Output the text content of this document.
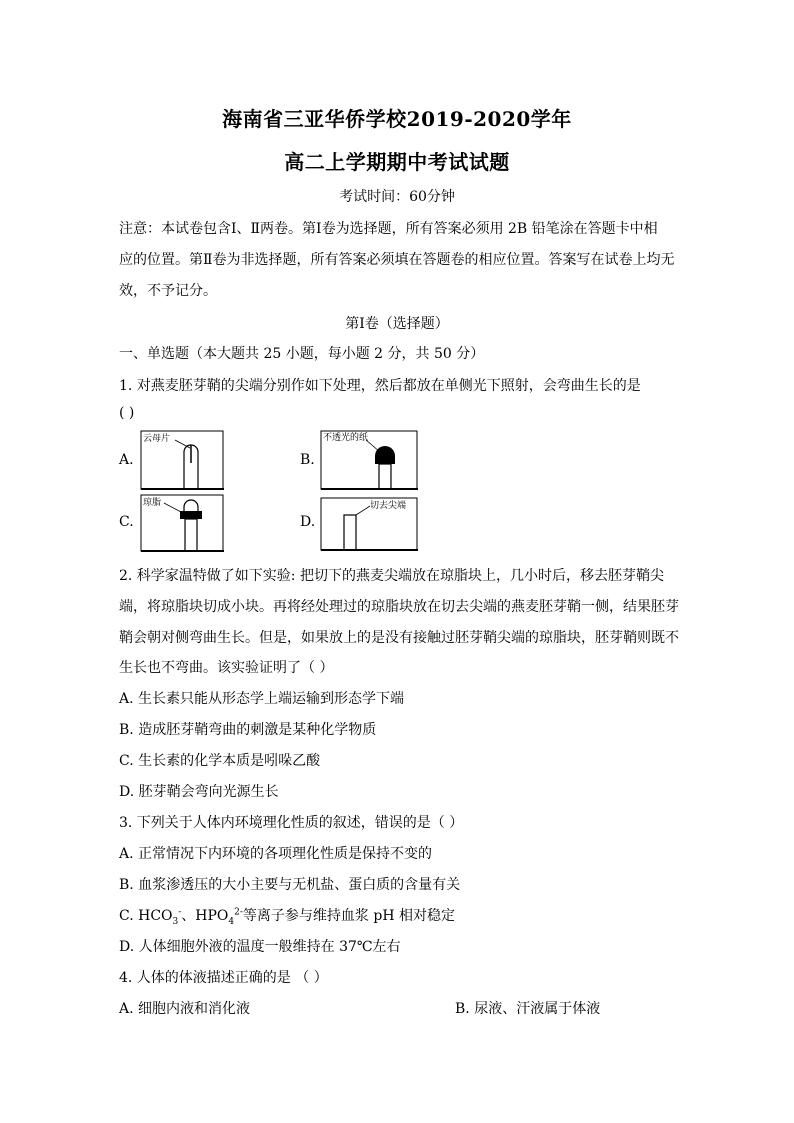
海南省三亚华侨学校2019-2020学年
高二上学期期中考试试题
考试时间：60分钟
注意：本试卷包含Ⅰ、Ⅱ两卷。第Ⅰ卷为选择题，所有答案必须用 2B 铅笔涂在答题卡中相
应的位置。第Ⅱ卷为非选择题，所有答案必须填在答题卷的相应位置。答案写在试卷上均无
效，不予记分。
第Ⅰ卷（选择题）
一、单选题（本大题共 25 小题，每小题 2 分，共 50 分）
1. 对燕麦胚芽鞘的尖端分别作如下处理，然后都放在单侧光下照射，会弯曲生长的是
( )
A.	B.
C.	D.
云母片	不透光的纸
琼脂	切去尖端
2. 科学家温特做了如下实验: 把切下的燕麦尖端放在琼脂块上，几小时后，移去胚芽鞘尖
端，将琼脂块切成小块。再将经处理过的琼脂块放在切去尖端的燕麦胚芽鞘一侧，结果胚芽
鞘会朝对侧弯曲生长。但是，如果放上的是没有接触过胚芽鞘尖端的琼脂块，胚芽鞘则既不
生长也不弯曲。该实验证明了（ ）
A. 生长素只能从形态学上端运输到形态学下端
B. 造成胚芽鞘弯曲的刺激是某种化学物质
C. 生长素的化学本质是吲哚乙酸
D. 胚芽鞘会弯向光源生长
3. 下列关于人体内环境理化性质的叙述，错误的是（ ）
A. 正常情况下内环境的各项理化性质是保持不变的
B. 血浆渗透压的大小主要与无机盐、蛋白质的含量有关
C. $HCO_3^-$、$HPO_4^{2-}$等离子参与维持血浆 pH 相对稳定
D. 人体细胞外液的温度一般维持在 37℃左右
4. 人体的体液描述正确的是 （ ）
A. 细胞内液和消化液	B. 尿液、汗液属于体液
